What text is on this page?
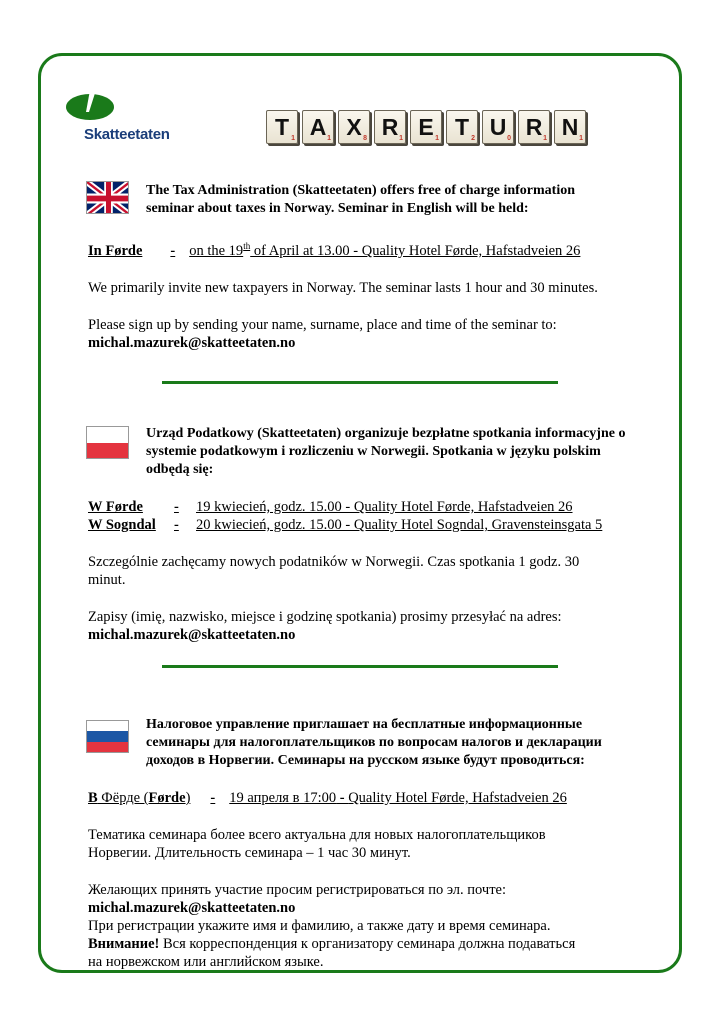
Skatteetaten	T 1 A 1 X 8 R 1 E 1 T 2 U 0 R 1 N 1
The Tax Administration (Skatteetaten) offers free of charge information
seminar about taxes in Norway. Seminar in English will be held:
In Førde - on the 19th of April at 13.00 - Quality Hotel Førde, Hafstadveien 26
We primarily invite new taxpayers in Norway. The seminar lasts 1 hour and 30 minutes.
Please sign up by sending your name, surname, place and time of the seminar to:
michal.mazurek@skatteetaten.no
Urząd Podatkowy (Skatteetaten) organizuje bezpłatne spotkania informacyjne o
systemie podatkowym i rozliczeniu w Norwegii. Spotkania w języku polskim
odbędą się:
W Førde - 19 kwiecień, godz. 15.00 - Quality Hotel Førde, Hafstadveien 26
W Sogndal - 20 kwiecień, godz. 15.00 - Quality Hotel Sogndal, Gravensteinsgata 5
Szczególnie zachęcamy nowych podatników w Norwegii. Czas spotkania 1 godz. 30
minut.
Zapisy (imię, nazwisko, miejsce i godzinę spotkania) prosimy przesyłać na adres:
michal.mazurek@skatteetaten.no
Налоговое управление приглашает на бесплатные информационные
семинары для налогоплательщиков по вопросам налогов и декларации
доходов в Норвегии. Семинары на русском языке будут проводиться:
В Фёрде (Førde) - 19 апреля в 17:00 - Quality Hotel Førde, Hafstadveien 26
Тематика семинара более всего актуальна для новых налогоплательщиков
Норвегии. Длительность семинара – 1 час 30 минут.
Желающих принять участие просим регистрироваться по эл. почте:
michal.mazurek@skatteetaten.no
При регистрации укажите имя и фамилию, а также дату и время семинара.
Внимание! Вся корреспонденция к организатору семинара должна подаваться
на норвежском или английском языке.
